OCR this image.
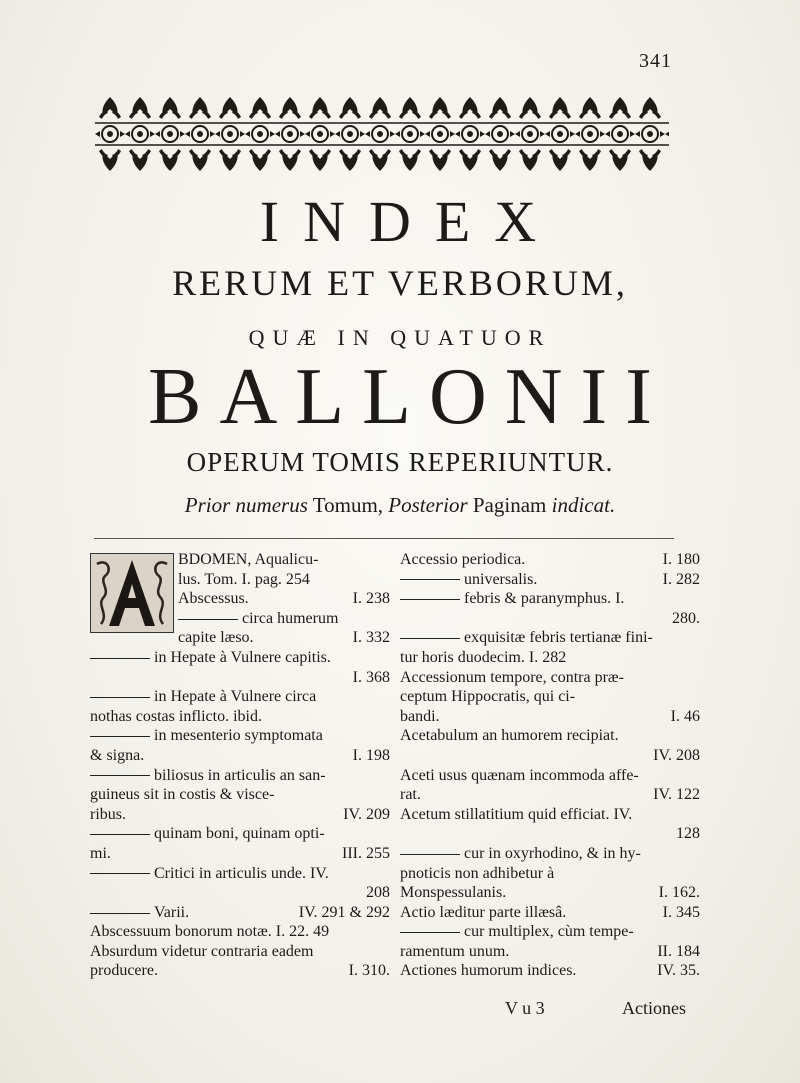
341
INDEX
RERUM ET VERBORUM,
QUÆ IN QUATUOR
BALLONII
OPERUM TOMIS REPERIUNTUR.
Prior numerus Tomum, Posterior Paginam indicat.
BDOMEN, Aqualicu-
lus. Tom. I. pag. 254
Abscessus.	I. 238
circa humerum
capite læso.	I. 332
in Hepate à Vulnere capitis.
I. 368
in Hepate à Vulnere circa
nothas costas inflicto. ibid.
in mesenterio symptomata
& signa.	I. 198
biliosus in articulis an san-
guineus sit in costis & visce-
ribus.	IV. 209
quinam boni, quinam opti-
mi.	III. 255
Critici in articulis unde. IV.
208
Varii.	IV. 291 & 292
Abscessuum bonorum notæ. I. 22. 49
Absurdum videtur contraria eadem
producere.	I. 310.
Accessio periodica.	I. 180
universalis.	I. 282
febris & paranymphus. I.
280.
exquisitæ febris tertianæ fini-
tur horis duodecim. I. 282
Accessionum tempore, contra præ-
ceptum Hippocratis, qui ci-
bandi.	I. 46
Acetabulum an humorem recipiat.
IV. 208
Aceti usus quænam incommoda affe-
rat.	IV. 122
Acetum stillatitium quid efficiat. IV.
128
cur in oxyrhodino, & in hy-
pnoticis non adhibetur à
Monspessulanis.	I. 162.
Actio læditur parte illæsâ.	I. 345
cur multiplex, cùm tempe-
ramentum unum.	II. 184
Actiones humorum indices.	IV. 35.
V u 3	Actiones
